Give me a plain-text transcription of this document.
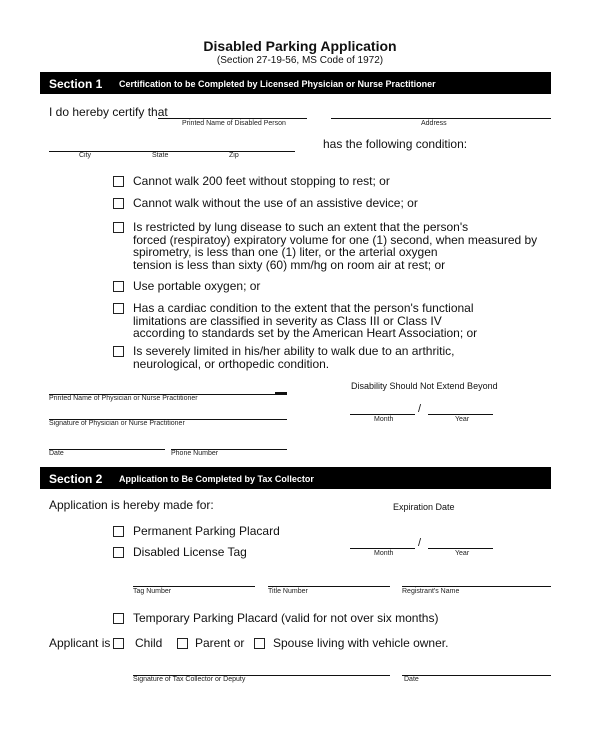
Disabled Parking Application
(Section 27-19-56, MS Code of 1972)
Section 1 Certification to be Completed by Licensed Physician or Nurse Practitioner
I do hereby certify that
Printed Name of Disabled Person	Address
City	State	Zip
has the following condition:
Cannot walk 200 feet without stopping to rest; or
Cannot walk without the use of an assistive device; or
Is restricted by lung disease to such an extent that the person's
forced (respiratoy) expiratory volume for one (1) second, when measured by
spirometry, is less than one (1) liter, or the arterial oxygen
tension is less than sixty (60) mm/hg on room air at rest; or
Use portable oxygen; or
Has a cardiac condition to the extent that the person's functional
limitations are classified in severity as Class III or Class IV
according to standards set by the American Heart Association; or
Is severely limited in his/her ability to walk due to an arthritic,
neurological, or orthopedic condition.
Printed Name of Physician or Nurse Practitioner
Signature of Physician or Nurse Practitioner
Date	Phone Number
Disability Should Not Extend Beyond
/
Month	Year
Section 2 Application to Be Completed by Tax Collector
Application is hereby made for:	Expiration Date
Permanent Parking Placard
Disabled License Tag
/
Month	Year
Tag Number	Title Number	Registrant's Name
Temporary Parking Placard (valid for not over six months)
Applicant is Child	Parent or Spouse living with vehicle owner.
Signature of Tax Collector or Deputy	Date
